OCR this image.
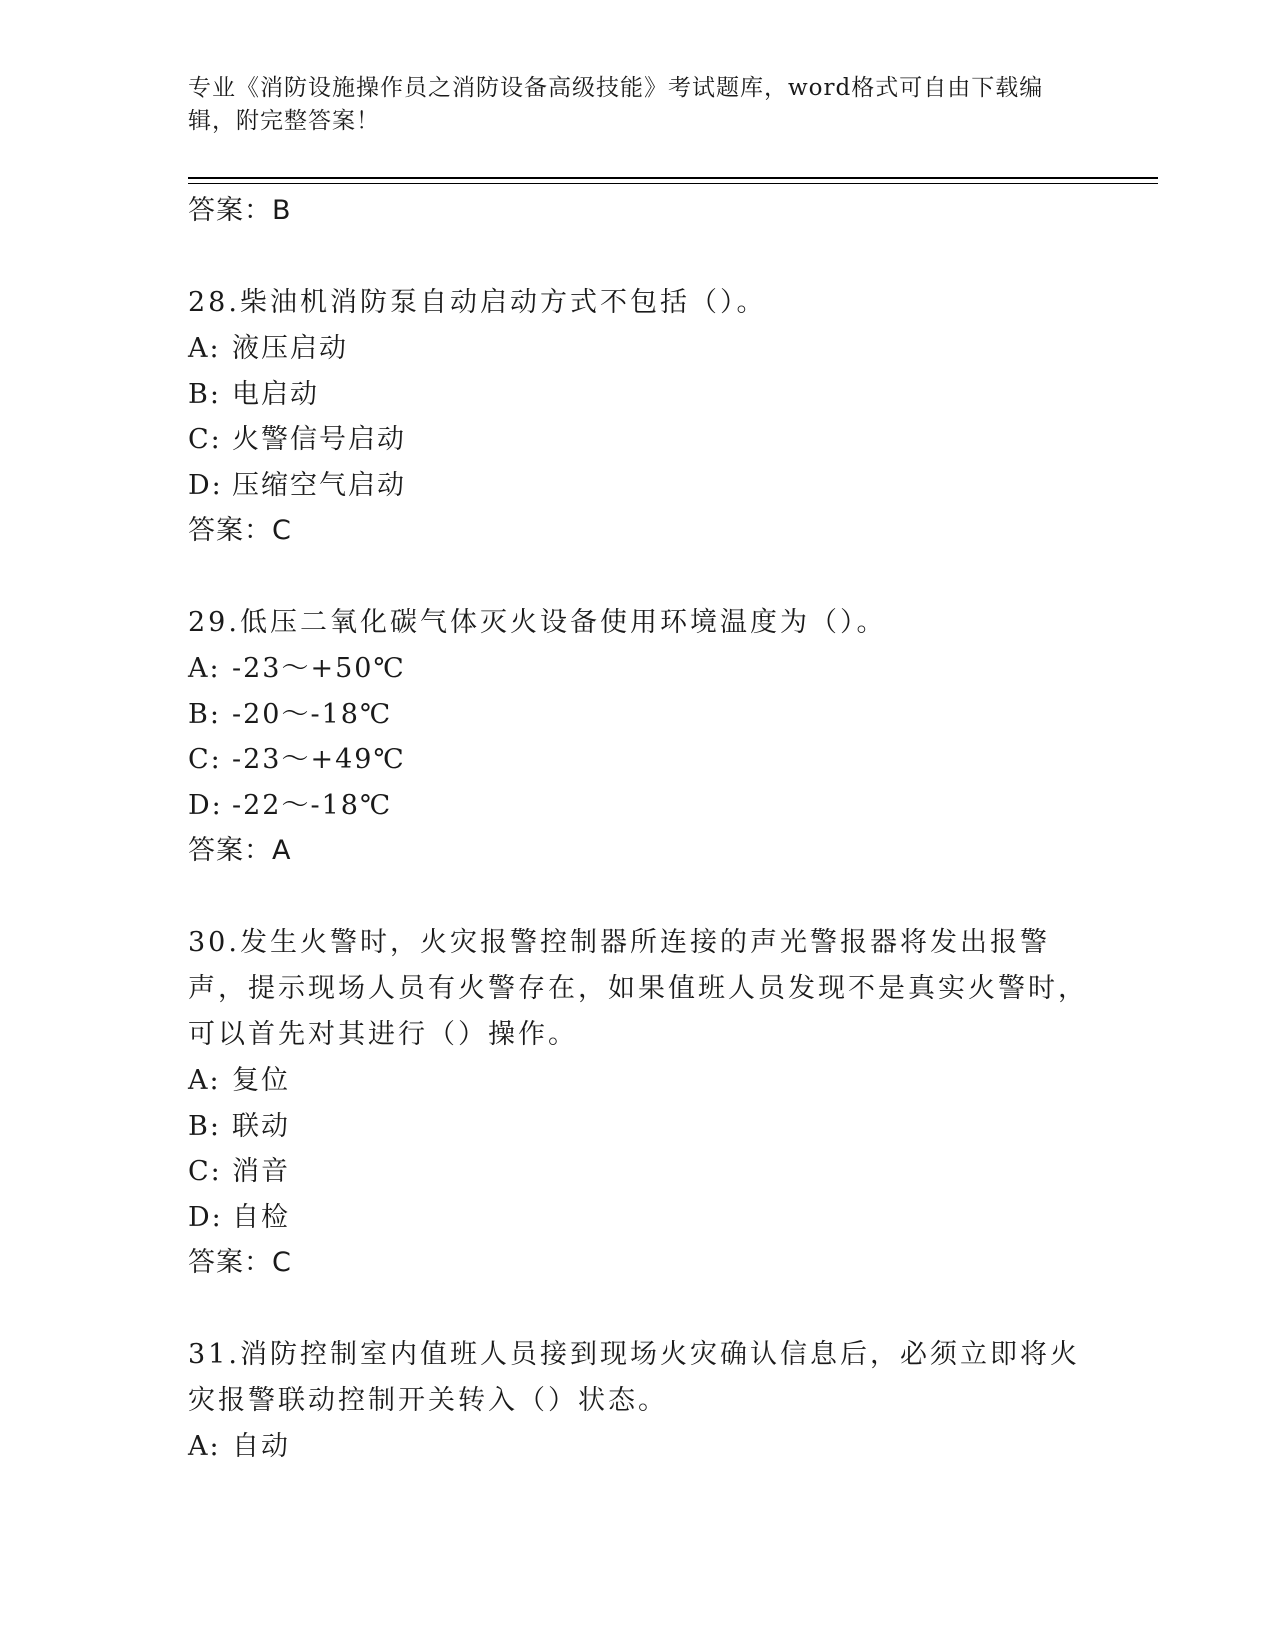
专业《消防设施操作员之消防设备高级技能》考试题库，word格式可自由下载编
辑，附完整答案！
答案：B
28.柴油机消防泵自动启动方式不包括（）。
A: 液压启动
B: 电启动
C: 火警信号启动
D: 压缩空气启动
答案：C
29.低压二氧化碳气体灭火设备使用环境温度为（）。
A: -23～+50℃
B: -20～-18℃
C: -23～+49℃
D: -22～-18℃
答案：A
30.发生火警时，火灾报警控制器所连接的声光警报器将发出报警声，提示现场人员有火警存在，如果值班人员发现不是真实火警时，可以首先对其进行（）操作。
A: 复位
B: 联动
C: 消音
D: 自检
答案：C
31.消防控制室内值班人员接到现场火灾确认信息后，必须立即将火灾报警联动控制开关转入（）状态。
A: 自动
